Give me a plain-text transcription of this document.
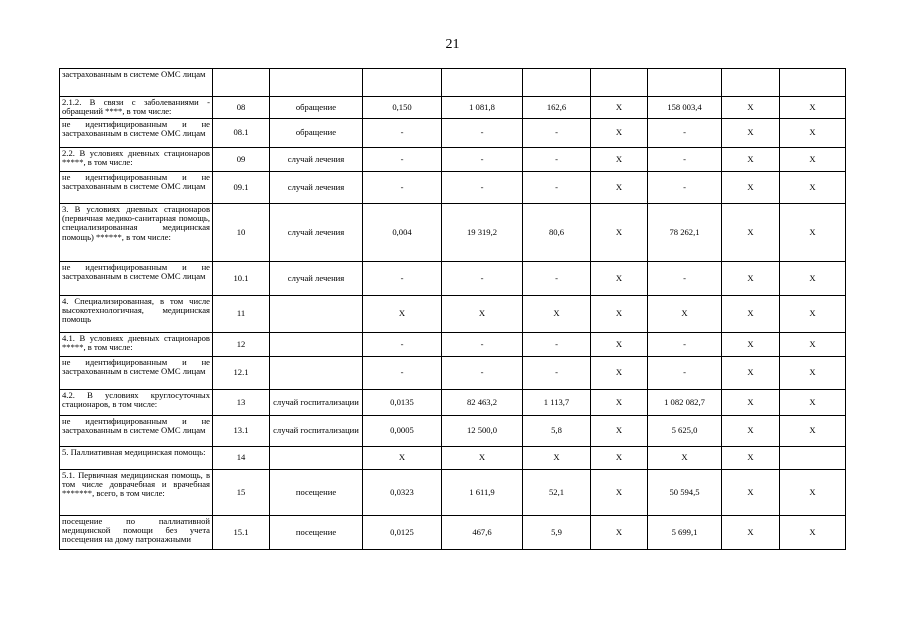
21
застрахованным в системе ОМС лицам									
2.1.2. В связи с заболеваниями - обращений ****, в том числе:	08	обращение	0,150	1 081,8	162,6	X	158 003,4	X	X
не идентифицированным и не застрахованным в системе ОМС лицам	08.1	обращение	-	-	-	X	-	X	X
2.2. В условиях дневных стационаров *****, в том числе:	09	случай лечения	-	-	-	X	-	X	X
не идентифицированным и не застрахованным в системе ОМС лицам	09.1	случай лечения	-	-	-	X	-	X	X
3. В условиях дневных стационаров (первичная медико-санитарная помощь, специализированная медицинская помощь) ******, в том числе:	10	случай лечения	0,004	19 319,2	80,6	X	78 262,1	X	X
не идентифицированным и не застрахованным в системе ОМС лицам	10.1	случай лечения	-	-	-	X	-	X	X
4. Специализированная, в том числе высокотехнологичная, медицинская помощь	11		X	X	X	X	X	X	X
4.1. В условиях дневных стационаров *****, в том числе:	12		-	-	-	X	-	X	X
не идентифицированным и не застрахованным в системе ОМС лицам	12.1		-	-	-	X	-	X	X
4.2. В условиях круглосуточных стационаров, в том числе:	13	случай госпитализации	0,0135	82 463,2	1 113,7	X	1 082 082,7	X	X
не идентифицированным и не застрахованным в системе ОМС лицам	13.1	случай госпитализации	0,0005	12 500,0	5,8	X	5 625,0	X	X
5. Паллиативная медицинская помощь:	14		X	X	X	X	X	X	
5.1. Первичная медицинская помощь, в том числе доврачебная и врачебная *******, всего, в том числе:	15	посещение	0,0323	1 611,9	52,1	X	50 594,5	X	X
посещение по паллиативной медицинской помощи без учета посещения на дому патронажными	15.1	посещение	0,0125	467,6	5,9	X	5 699,1	X	X
